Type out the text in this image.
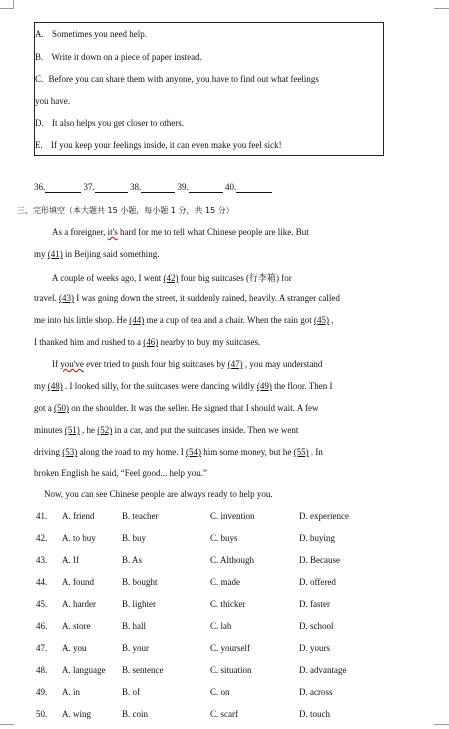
A. Sometimes you need help.
B. Write it down on a piece of paper instead.
C. Before you can share them with anyone, you have to find out what feelings
you have.
D. It also helps you get closer to others.
E. If you keep your feelings inside, it can even make you feel sick!
36.	37.	38.	39.	40.
三、完形填空（本大题共 15 小题，每小题 1 分，共 15 分）
As a foreigner, it's hard for me to tell what Chinese people are like. But
my (41) in Beijing said something.
A couple of weeks ago, I went (42) four big suitcases (行李箱) for
travel. (43) I was going down the street, it suddenly rained, heavily. A stranger called
me into his little shop. He (44) me a cup of tea and a chair. When the rain got (45) ,
I thanked him and rushed to a (46) nearby to buy my suitcases.
If you've ever tried to push four big suitcases by (47) , you may understand
my (48) . I looked silly, for the suitcases were dancing wildly (49) the floor. Then I
got a (50) on the shoulder. It was the seller. He signed that I should wait. A few
minutes (51) , he (52) in a car, and put the suitcases inside. Then we went
driving (53) along the road to my home. I (54) him some money, but he (55) . In
broken English he said, “Feel good... help you.”
Now, you can see Chinese people are always ready to help you.
41. A. friend	B. teacher	C. invention	D. experience
42. A. to buy	B. buy	C. buys	D. buying
43. A. If	B. As	C. Although	D. Because
44. A. found	B. bought	C. made	D. offered
45. A. harder	B. lighter	C. thicker	D. faster
46. A. store	B. hall	C. lab	D. school
47. A. you	B. your	C. yourself	D. yours
48. A. language B. sentence	C. situation	D. advantage
49. A. in	B. of	C. on	D. across
50. A. wing	B. coin	C. scarf	D. touch
